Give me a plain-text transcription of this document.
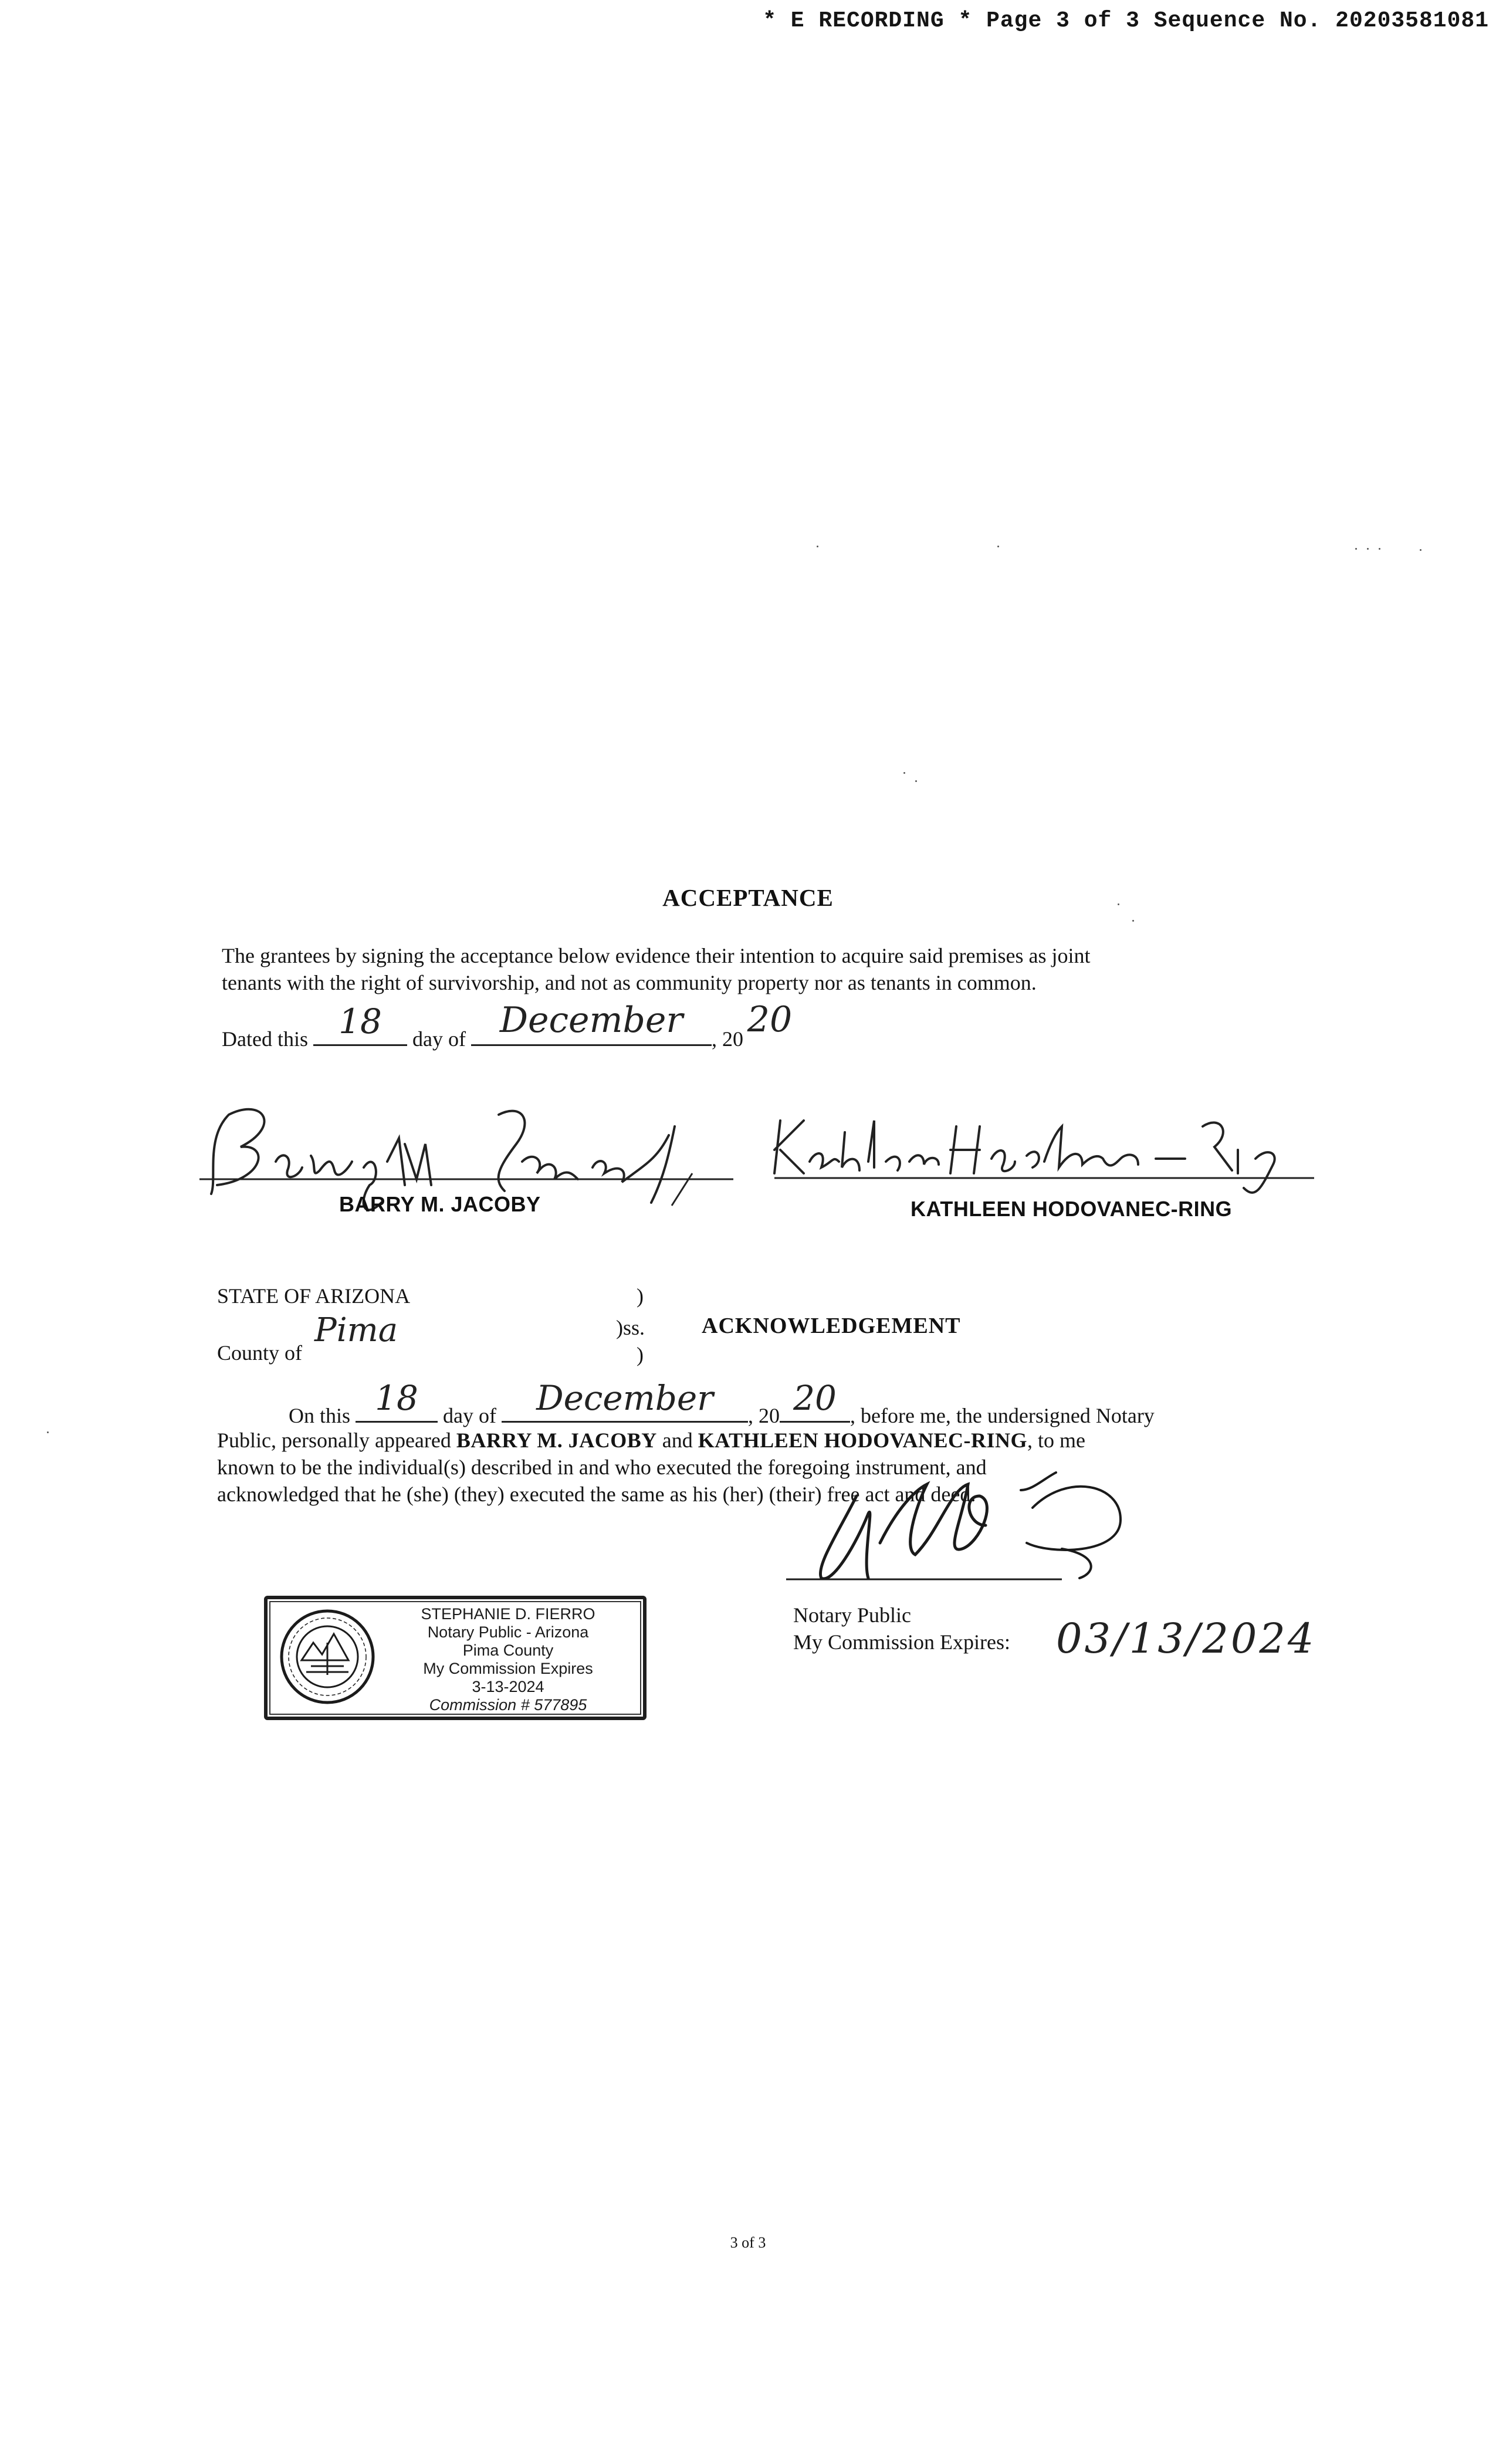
* E RECORDING * Page 3 of 3 Sequence No. 20203581081
ACCEPTANCE
The grantees by signing the acceptance below evidence their intention to acquire said premises as joint
tenants with the right of survivorship, and not as community property nor as tenants in common.
Dated this 18	day of December	, 20 20
BARRY M. JACOBY	KATHLEEN HODOVANEC-RING
STATE OF ARIZONA	)
)ss.
)
ACKNOWLEDGEMENT
County of
Pima
On this 18	day of	December	, 20 20 , before me, the undersigned Notary
Public, personally appeared BARRY M. JACOBY and KATHLEEN HODOVANEC-RING, to me
known to be the individual(s) described in and who executed the foregoing instrument, and
acknowledged that he (she) (they) executed the same as his (her) (their) free act and deed.
Notary Public
My Commission Expires: 03/13/2024
STEPHANIE D. FIERRO
Notary Public - Arizona
Pima County
My Commission Expires
3-13-2024
Commission # 577895
3 of 3
